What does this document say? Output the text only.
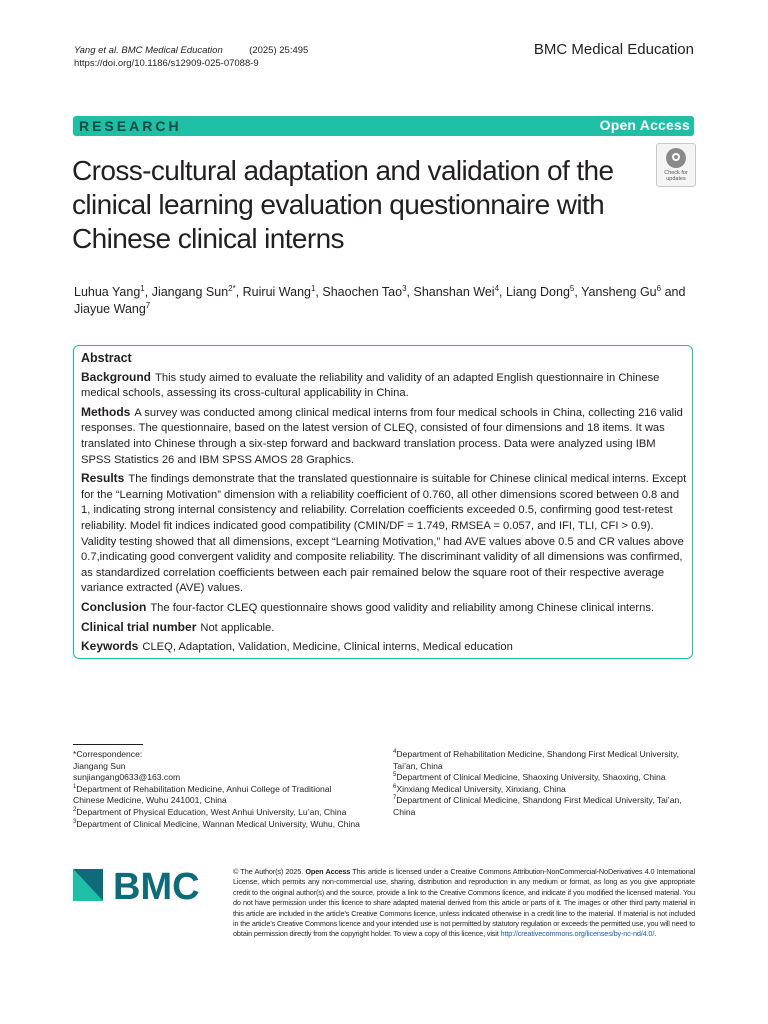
Yang et al. BMC Medical Education	(2025) 25:495
https://doi.org/10.1186/s12909-025-07088-9
BMC Medical Education
RESEARCH	Open Access
Cross-cultural adaptation and validation of the clinical learning evaluation questionnaire with Chinese clinical interns
Check for
updates
Luhua Yang$^1$, Jiangang Sun$^{2*}$, Ruirui Wang$^1$, Shaochen Tao$^3$, Shanshan Wei$^4$, Liang Dong$^5$, Yansheng Gu$^6$ and Jiayue Wang$^7$
Abstract

Background This study aimed to evaluate the reliability and validity of an adapted English questionnaire in Chinese medical schools, assessing its cross-cultural applicability in China.

Methods A survey was conducted among clinical medical interns from four medical schools in China, collecting 216 valid responses. The questionnaire, based on the latest version of CLEQ, consisted of four dimensions and 18 items. It was translated into Chinese through a six-step forward and backward translation process. Data were analyzed using IBM SPSS Statistics 26 and IBM SPSS AMOS 28 Graphics.

Results The findings demonstrate that the translated questionnaire is suitable for Chinese clinical medical interns. Except for the “Learning Motivation” dimension with a reliability coefficient of 0.760, all other dimensions scored between 0.8 and 1, indicating strong internal consistency and reliability. Correlation coefficients exceeded 0.5, confirming good test-retest reliability. Model fit indices indicated good compatibility (CMIN/DF = 1.749, RMSEA = 0.057, and IFI, TLI, CFI > 0.9). Validity testing showed that all dimensions, except “Learning Motivation,” had AVE values above 0.5 and CR values above 0.7,indicating good convergent validity and composite reliability. The discriminant validity of all dimensions was confirmed, as standardized correlation coefficients between each pair remained below the square root of their respective average variance extracted (AVE) values.

Conclusion The four-factor CLEQ questionnaire shows good validity and reliability among Chinese clinical interns.

Clinical trial number Not applicable.

Keywords CLEQ, Adaptation, Validation, Medicine, Clinical interns, Medical education

*Correspondence:
Jiangang Sun
sunjiangang0633@163.com
$^1$Department of Rehabilitation Medicine, Anhui College of Traditional Chinese Medicine, Wuhu 241001, China
$^2$Department of Physical Education, West Anhui University, Lu’an, China
$^3$Department of Clinical Medicine, Wannan Medical University, Wuhu, China
$^4$Department of Rehabilitation Medicine, Shandong First Medical University, Tai’an, China
$^5$Department of Clinical Medicine, Shaoxing University, Shaoxing, China
$^6$Xinxiang Medical University, Xinxiang, China
$^7$Department of Clinical Medicine, Shandong First Medical University, Tai’an, China
BMC	© The Author(s) 2025. Open Access This article is licensed under a Creative Commons Attribution-NonCommercial-NoDerivatives 4.0 International License, which permits any non-commercial use, sharing, distribution and reproduction in any medium or format, as long as you give appropriate credit to the original author(s) and the source, provide a link to the Creative Commons licence, and indicate if you modified the licensed material. You do not have permission under this licence to share adapted material derived from this article or parts of it. The images or other third party material in this article are included in the article’s Creative Commons licence, unless indicated otherwise in a credit line to the material. If material is not included in the article’s Creative Commons licence and your intended use is not permitted by statutory regulation or exceeds the permitted use, you will need to obtain permission directly from the copyright holder. To view a copy of this licence, visit http://creativecommons.org/licenses/by-nc-nd/4.0/.
